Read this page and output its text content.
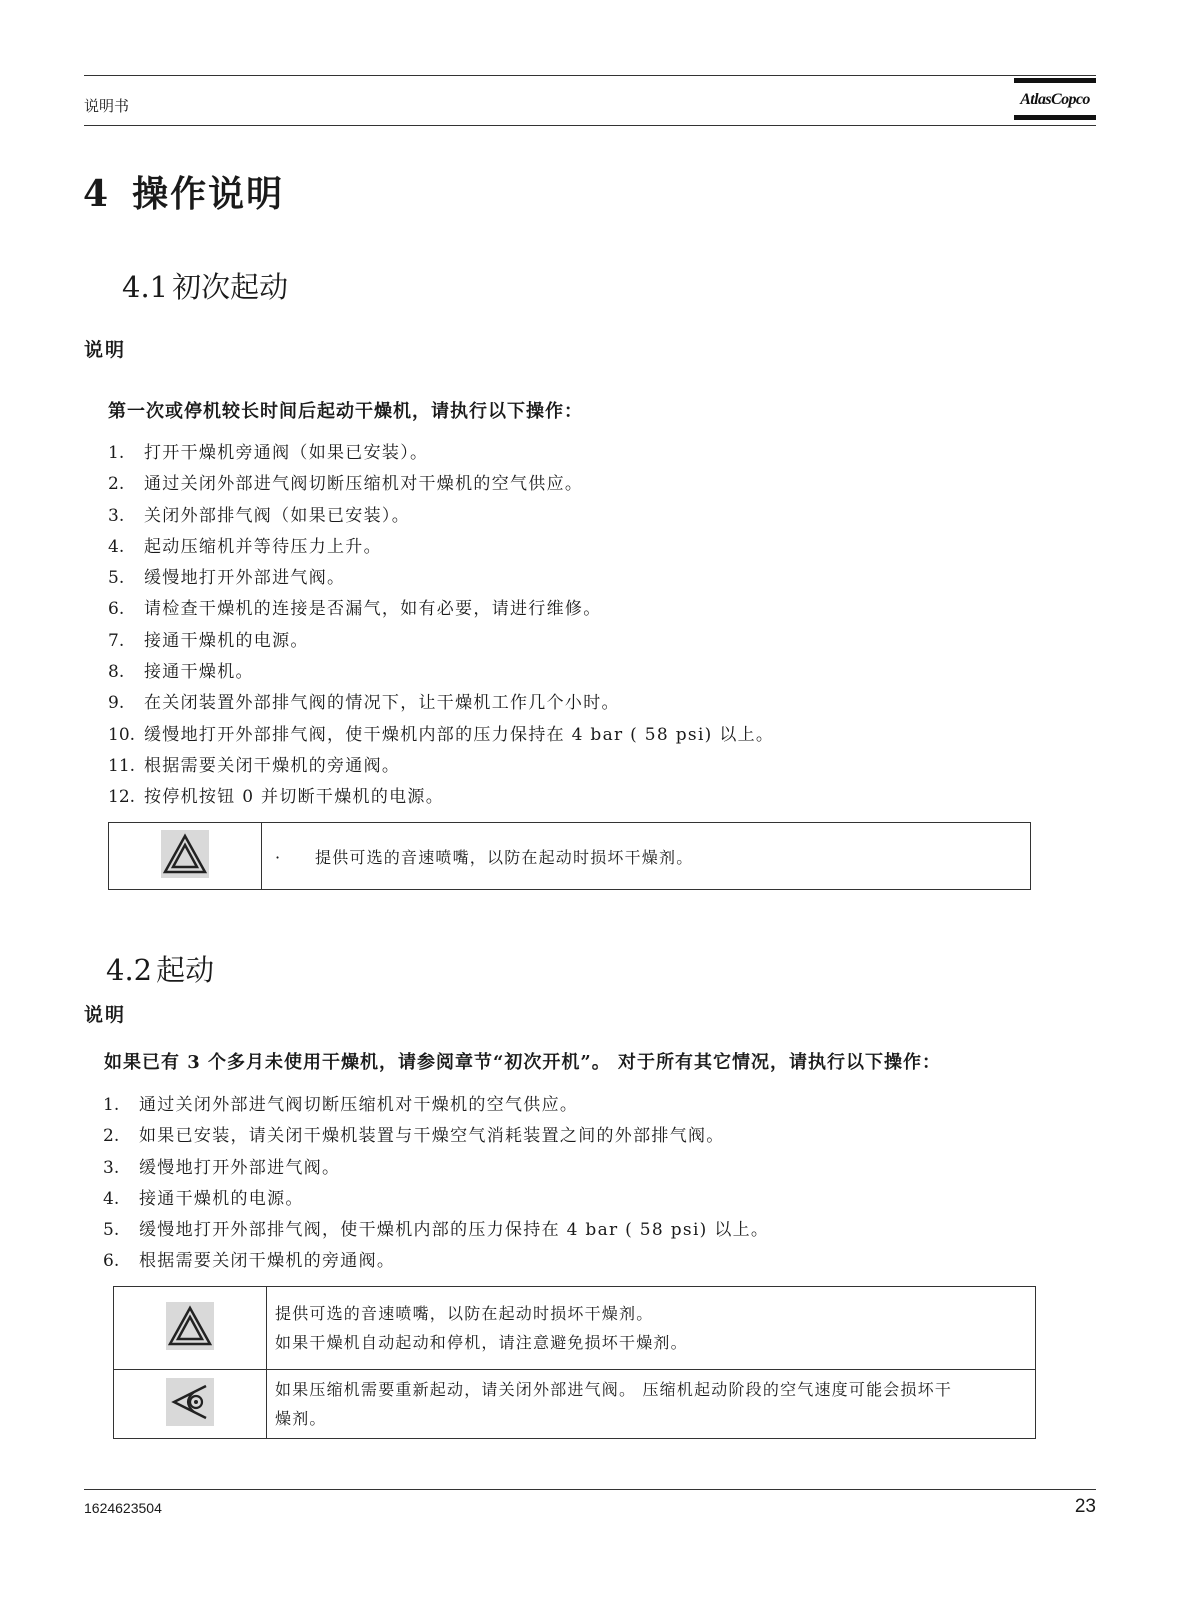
说明书	AtlasCopco
4 操作说明
4.1 初次起动
说明
第一次或停机较长时间后起动干燥机，请执行以下操作：
1. 打开干燥机旁通阀（如果已安装）。
2. 通过关闭外部进气阀切断压缩机对干燥机的空气供应。
3. 关闭外部排气阀（如果已安装）。
4. 起动压缩机并等待压力上升。
5. 缓慢地打开外部进气阀。
6. 请检查干燥机的连接是否漏气，如有必要，请进行维修。
7. 接通干燥机的电源。
8. 接通干燥机。
9. 在关闭装置外部排气阀的情况下，让干燥机工作几个小时。
10. 缓慢地打开外部排气阀，使干燥机内部的压力保持在 4 bar ( 58 psi) 以上。
11. 根据需要关闭干燥机的旁通阀。
12. 按停机按钮 0 并切断干燥机的电源。
	· 提供可选的音速喷嘴，以防在起动时损坏干燥剂。
4.2 起动
说明
如果已有 3 个多月未使用干燥机，请参阅章节“初次开机”。 对于所有其它情况，请执行以下操作：
1. 通过关闭外部进气阀切断压缩机对干燥机的空气供应。
2. 如果已安装，请关闭干燥机装置与干燥空气消耗装置之间的外部排气阀。
3. 缓慢地打开外部进气阀。
4. 接通干燥机的电源。
5. 缓慢地打开外部排气阀，使干燥机内部的压力保持在 4 bar ( 58 psi) 以上。
6. 根据需要关闭干燥机的旁通阀。

提供可选的音速喷嘴，以防在起动时损坏干燥剂。
如果干燥机自动起动和停机，请注意避免损坏干燥剂。

如果压缩机需要重新起动，请关闭外部进气阀。 压缩机起动阶段的空气速度可能会损坏干
燥剂。
1624623504	23
